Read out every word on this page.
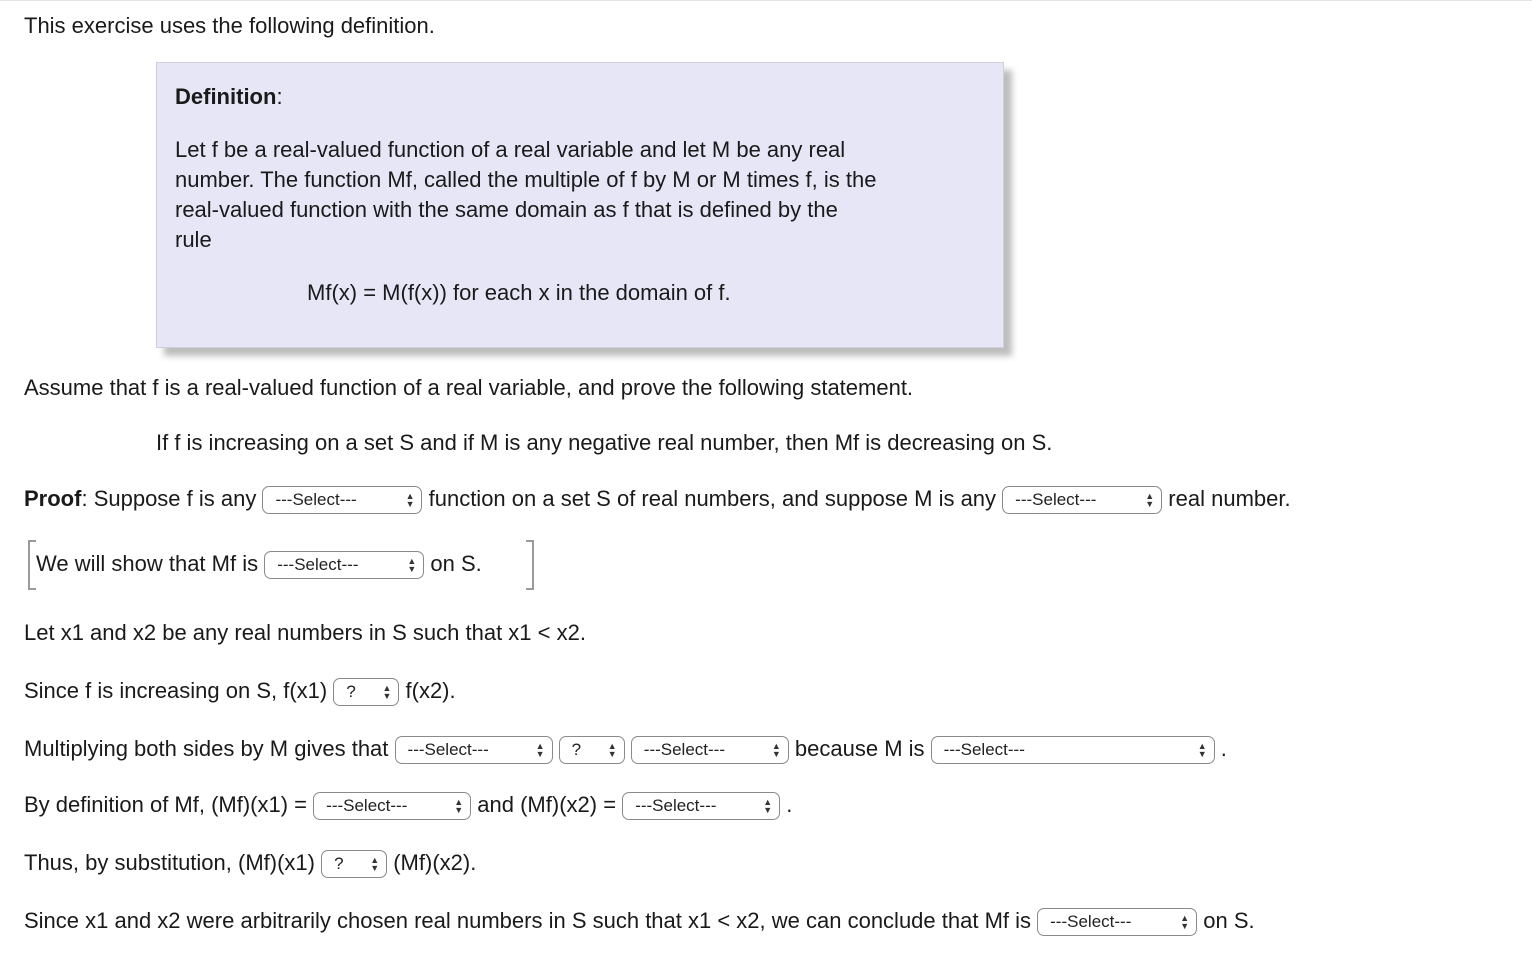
This exercise uses the following definition.
Definition:
Let f be a real-valued function of a real variable and let M be any real
number. The function Mf, called the multiple of f by M or M times f, is the
real-valued function with the same domain as f that is defined by the
rule
Mf(x) = M(f(x)) for each x in the domain of f.
Assume that f is a real-valued function of a real variable, and prove the following statement.
If f is increasing on a set S and if M is any negative real number, then Mf is decreasing on S.
Proof: Suppose f is any ---Select---	▲
▼ function on a set S of real numbers, and suppose M is any ---Select---	▲
▼ real number.
We will show that Mf is ---Select---	▲
▼ on S.
Let x1 and x2 be any real numbers in S such that x1 < x2.
Since f is increasing on S, f(x1) ?	▲
▼ f(x2).
Multiplying both sides by M gives that ---Select---	▲
▼ ?	▲
▼ ---Select---	▲
▼ because M is ---Select---	▲
▼ .
By definition of Mf, (Mf)(x1) = ---Select---	▲
▼ and (Mf)(x2) = ---Select---	▲
▼ .
Thus, by substitution, (Mf)(x1) ?	▲
▼ (Mf)(x2).
Since x1 and x2 were arbitrarily chosen real numbers in S such that x1 < x2, we can conclude that Mf is ---Select---	▲
▼ on S.
